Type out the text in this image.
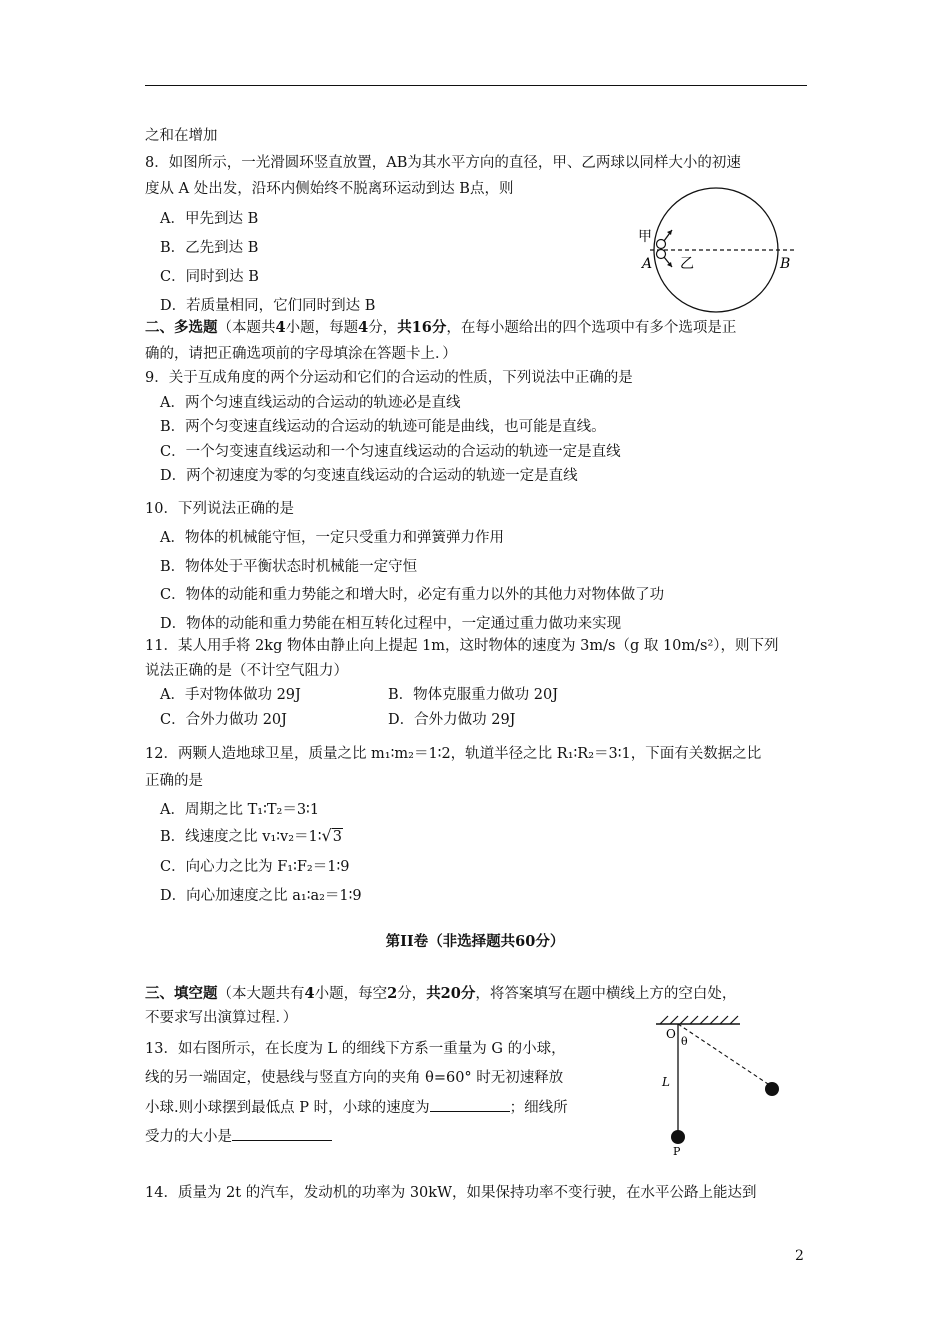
之和在增加
8．如图所示，一光滑圆环竖直放置，AB为其水平方向的直径，甲、乙两球以同样大小的初速
度从 A 处出发，沿环内侧始终不脱离环运动到达 B点，则
A．甲先到达 B
B．乙先到达 B
C．同时到达 B
D．若质量相同，它们同时到达 B
甲
A 乙	B
二、多选题（本题共4小题，每题4分，共16分，在每小题给出的四个选项中有多个选项是正
确的，请把正确选项前的字母填涂在答题卡上．）
9．关于互成角度的两个分运动和它们的合运动的性质，下列说法中正确的是
A．两个匀速直线运动的合运动的轨迹必是直线
B．两个匀变速直线运动的合运动的轨迹可能是曲线，也可能是直线。
C．一个匀变速直线运动和一个匀速直线运动的合运动的轨迹一定是直线
D．两个初速度为零的匀变速直线运动的合运动的轨迹一定是直线
10．下列说法正确的是
A．物体的机械能守恒，一定只受重力和弹簧弹力作用
B．物体处于平衡状态时机械能一定守恒
C．物体的动能和重力势能之和增大时，必定有重力以外的其他力对物体做了功
D．物体的动能和重力势能在相互转化过程中，一定通过重力做功来实现
11．某人用手将 2kg 物体由静止向上提起 1m，这时物体的速度为 3m/s（g 取 10m/s²），则下列
说法正确的是（不计空气阻力）
A．手对物体做功 29J	B．物体克服重力做功 20J
C．合外力做功 20J	D．合外力做功 29J
12．两颗人造地球卫星，质量之比 m₁∶m₂＝1∶2，轨道半径之比 R₁∶R₂＝3∶1，下面有关数据之比
正确的是
A．周期之比 T₁∶T₂＝3∶1
B．线速度之比 v₁∶v₂＝1∶√3
C．向心力之比为 F₁∶F₂＝1∶9
D．向心加速度之比 a₁∶a₂＝1∶9
第II卷（非选择题共60分）
三、填空题（本大题共有4小题，每空2分，共20分，将答案填写在题中横线上方的空白处，
不要求写出演算过程．）
13．如右图所示，在长度为 L 的细线下方系一重量为 G 的小球，
线的另一端固定，使悬线与竖直方向的夹角 θ=60° 时无初速释放
小球.则小球摆到最低点 P 时，小球的速度为	；细线所
受力的大小是
O
θ
L
P
14．质量为 2t 的汽车，发动机的功率为 30kW，如果保持功率不变行驶，在水平公路上能达到
2
